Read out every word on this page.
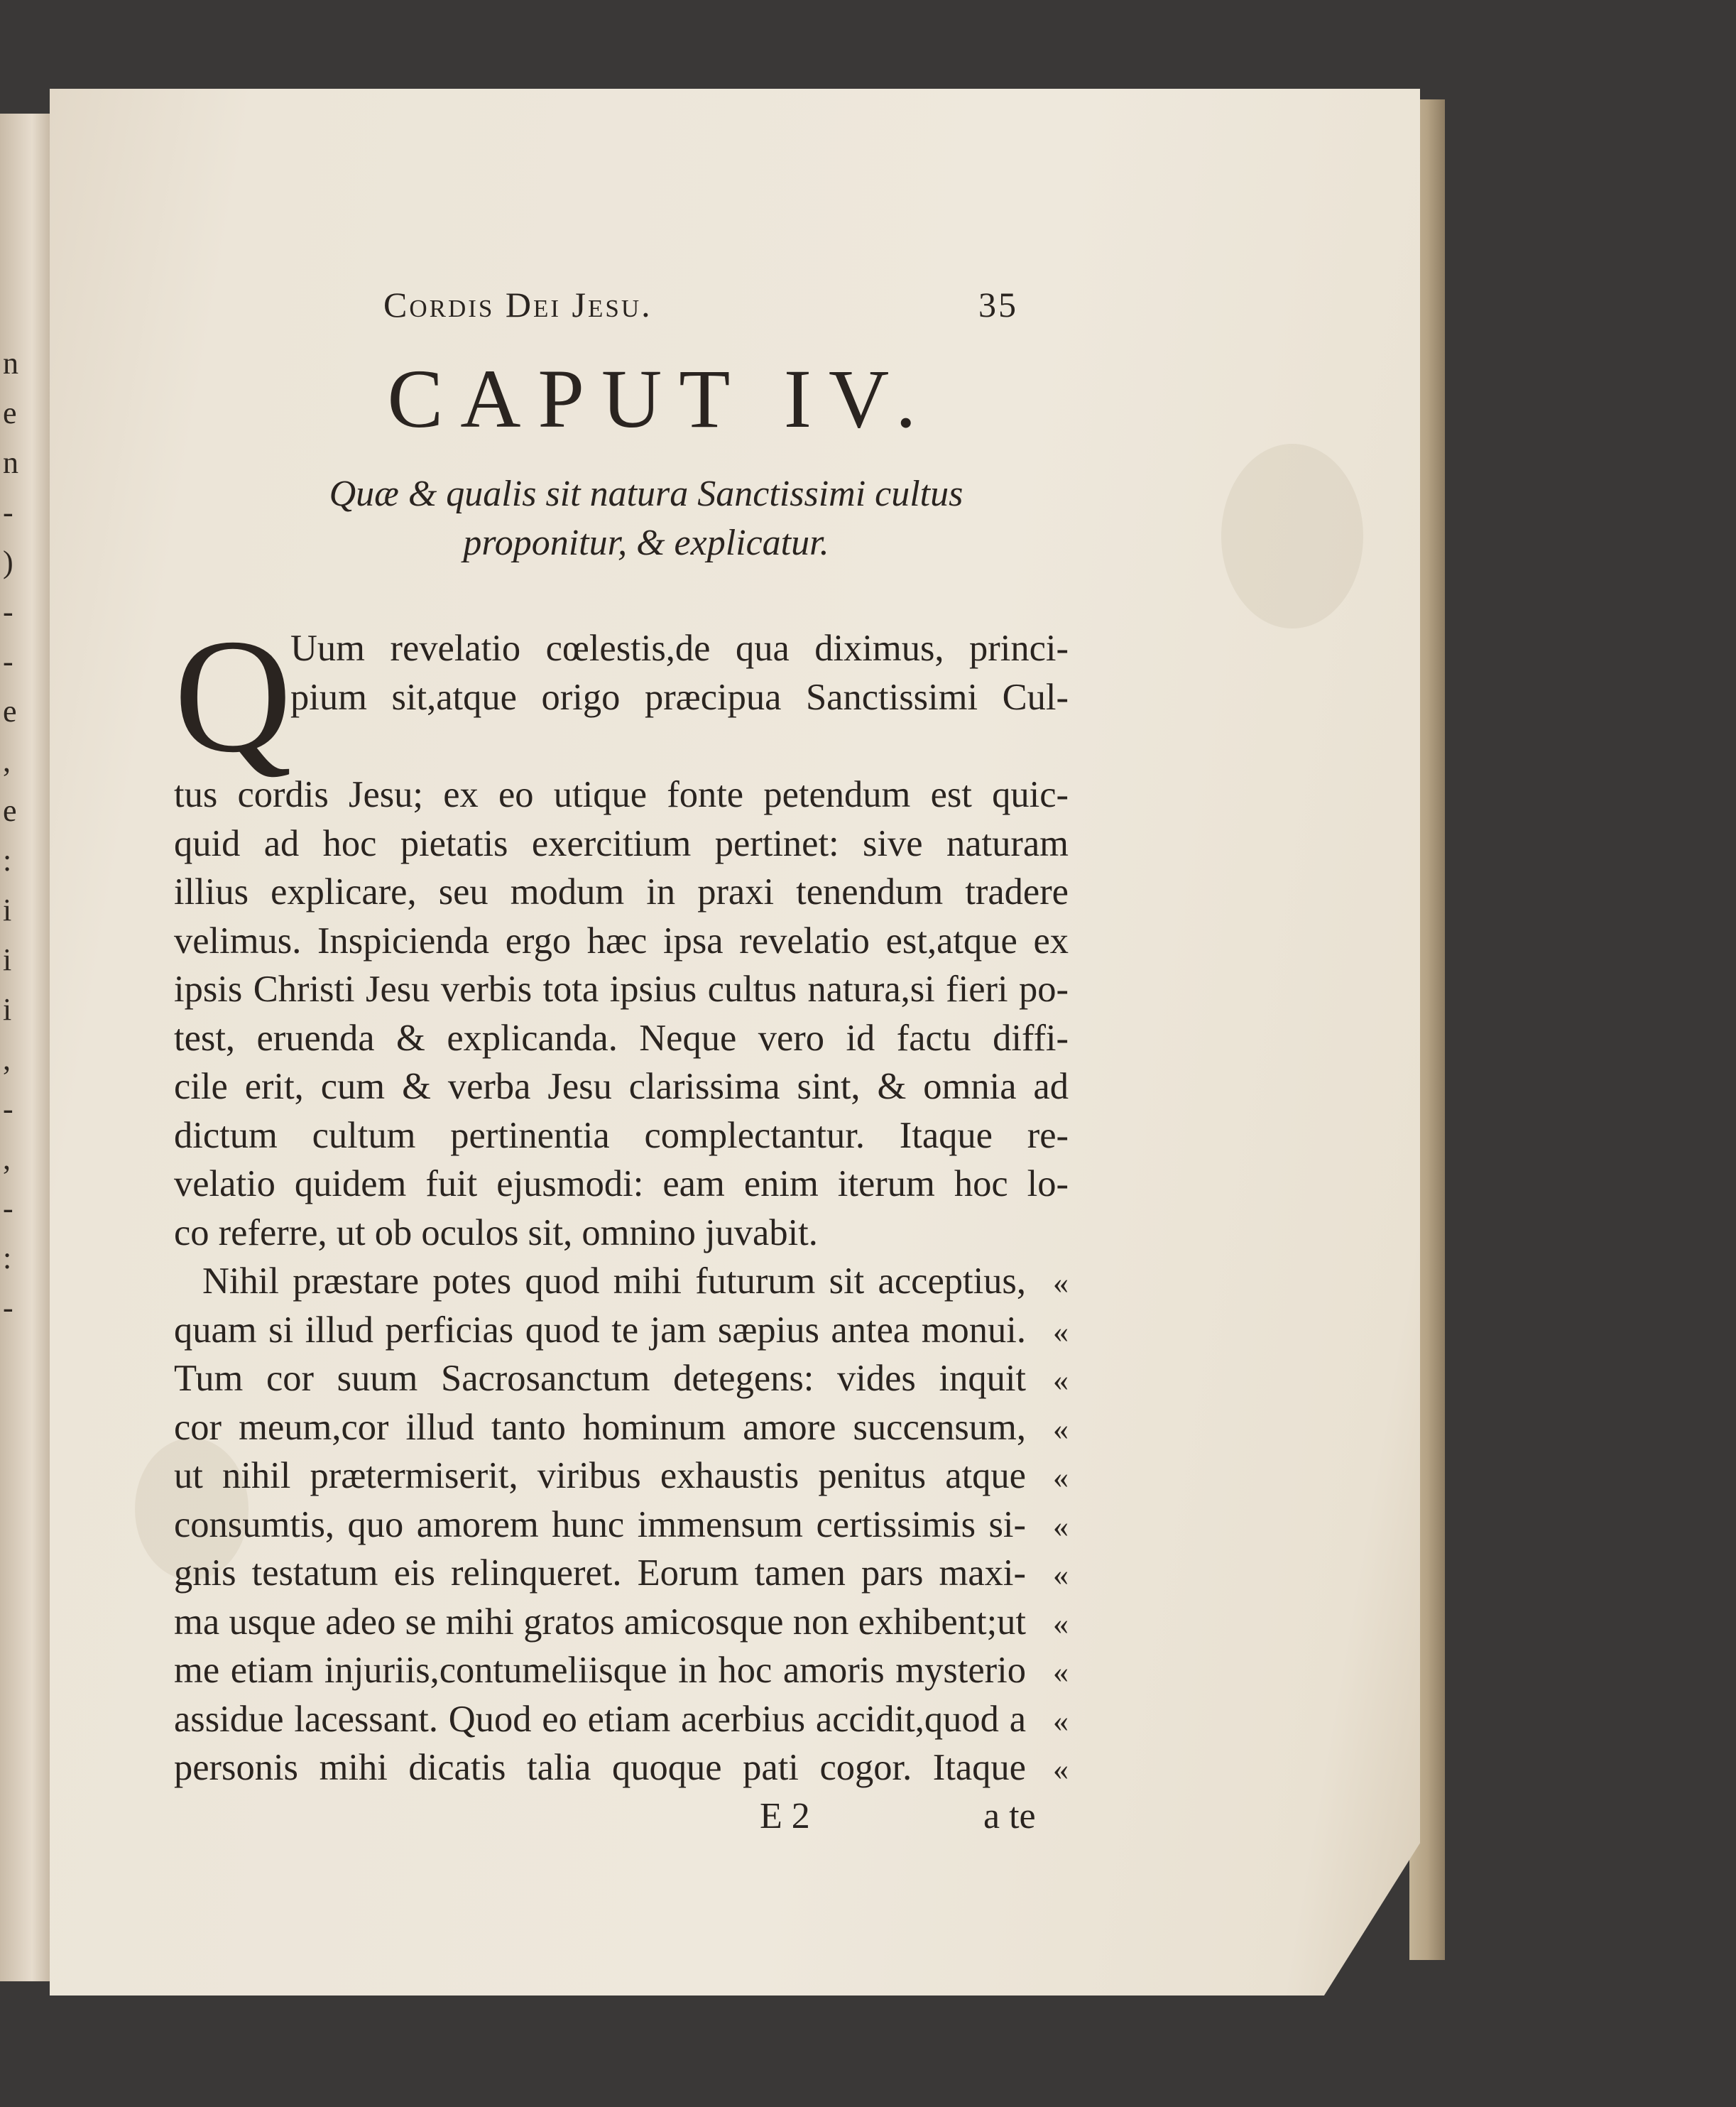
n
e
n
-
)
-
-
e
,
e
:
i
i
i
,
-
,
-
:
-
Cordis Dei Jesu.	35
CAPUT IV.
Quæ & qualis sit natura Sanctissimi cultus
proponitur, & explicatur.
Q
Uum revelatio cœlestis,de qua diximus, princi-
pium sit,atque origo præcipua Sanctissimi Cul-
tus cordis Jesu; ex eo utique fonte petendum est quic-
quid ad hoc pietatis exercitium pertinet: sive naturam
illius explicare, seu modum in praxi tenendum tradere
velimus. Inspicienda ergo hæc ipsa revelatio est,atque ex
ipsis Christi Jesu verbis tota ipsius cultus natura,si fieri po-
test, eruenda & explicanda. Neque vero id factu diffi-
cile erit, cum & verba Jesu clarissima sint, & omnia ad
dictum cultum pertinentia complectantur. Itaque re-
velatio quidem fuit ejusmodi: eam enim iterum hoc lo-
co referre, ut ob oculos sit, omnino juvabit.
Nihil præstare potes quod mihi futurum sit acceptius, «
quam si illud perficias quod te jam sæpius antea monui. «
Tum cor suum Sacrosanctum detegens: vides inquit «
cor meum,cor illud tanto hominum amore succensum, «
ut nihil prætermiserit, viribus exhaustis penitus atque «
consumtis, quo amorem hunc immensum certissimis si- «
gnis testatum eis relinqueret. Eorum tamen pars maxi- «
ma usque adeo se mihi gratos amicosque non exhibent;ut «
me etiam injuriis,contumeliisque in hoc amoris mysterio «
assidue lacessant. Quod eo etiam acerbius accidit,quod a «
personis mihi dicatis talia quoque pati cogor. Itaque «
E 2	a te
